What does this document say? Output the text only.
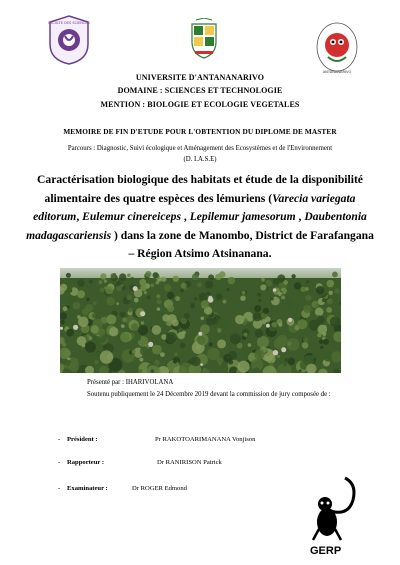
FACULTÉ DES SCIENCES
ANTANANARIVO
UNIVERSITE D'ANTANANARIVO
DOMAINE : SCIENCES ET TECHNOLOGIE
MENTION : BIOLOGIE ET ECOLOGIE VEGETALES
MEMOIRE DE FIN D'ETUDE POUR L'OBTENTION DU DIPLOME DE MASTER
Parcours : Diagnostic, Suivi écologique et Aménagement des Ecosystèmes et de l'Environnement
(D. I.A.S.E)
Caractérisation biologique des habitats et étude de la disponibilité alimentaire des quatre espèces des lémuriens (Varecia variegata editorum, Eulemur cinereiceps , Lepilemur jamesorum , Daubentonia madagascariensis ) dans la zone de Manombo, District de Farafangana – Région Atsimo Atsinanana.
Présenté par : IHARIVOLANA
Soutenu publiquement le 24 Décembre 2019 devant la commission de jury composée de :
- Président :	Pr RAKOTOARIMANANA Vonjison
- Rapporteur :	Dr RANIRISON Patrick
- Examinateur :	Dr ROGER Edmond
GERP
